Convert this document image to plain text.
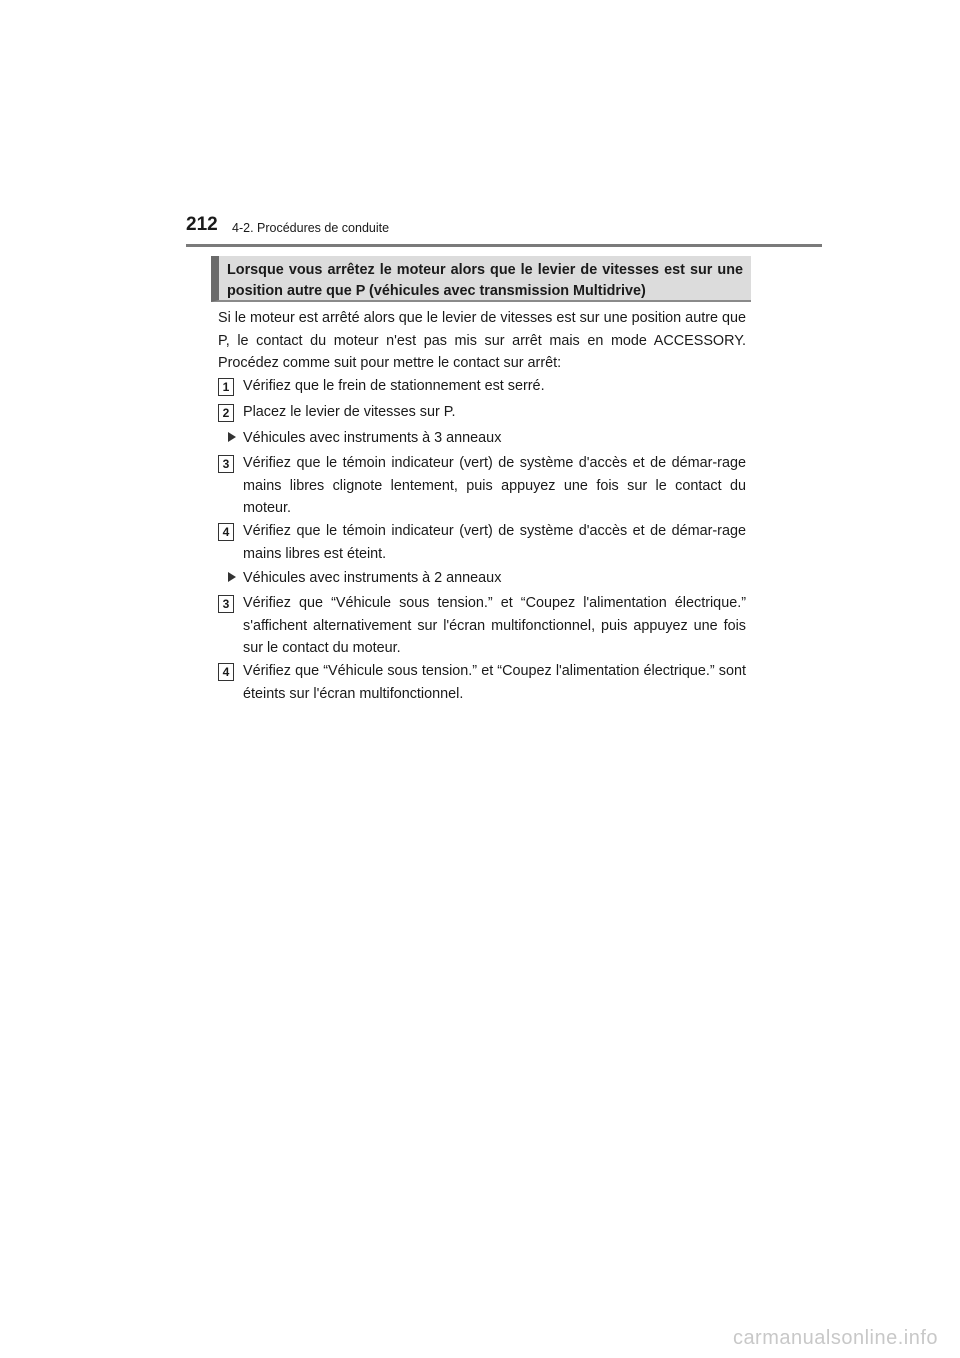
212 4-2. Procédures de conduite
Lorsque vous arrêtez le moteur alors que le levier de vitesses est sur une position autre que P (véhicules avec transmission Multidrive)
Si le moteur est arrêté alors que le levier de vitesses est sur une position autre que P, le contact du moteur n'est pas mis sur arrêt mais en mode ACCESSORY. Procédez comme suit pour mettre le contact sur arrêt:
1 Vérifiez que le frein de stationnement est serré.
2 Placez le levier de vitesses sur P.
Véhicules avec instruments à 3 anneaux
3 Vérifiez que le témoin indicateur (vert) de système d'accès et de démar-rage mains libres clignote lentement, puis appuyez une fois sur le contact du moteur.
4 Vérifiez que le témoin indicateur (vert) de système d'accès et de démar-rage mains libres est éteint.
Véhicules avec instruments à 2 anneaux
3 Vérifiez que “Véhicule sous tension.” et “Coupez l'alimentation électrique.” s'affichent alternativement sur l'écran multifonctionnel, puis appuyez une fois sur le contact du moteur.
4 Vérifiez que “Véhicule sous tension.” et “Coupez l'alimentation électrique.” sont éteints sur l'écran multifonctionnel.
carmanualsonline.info
